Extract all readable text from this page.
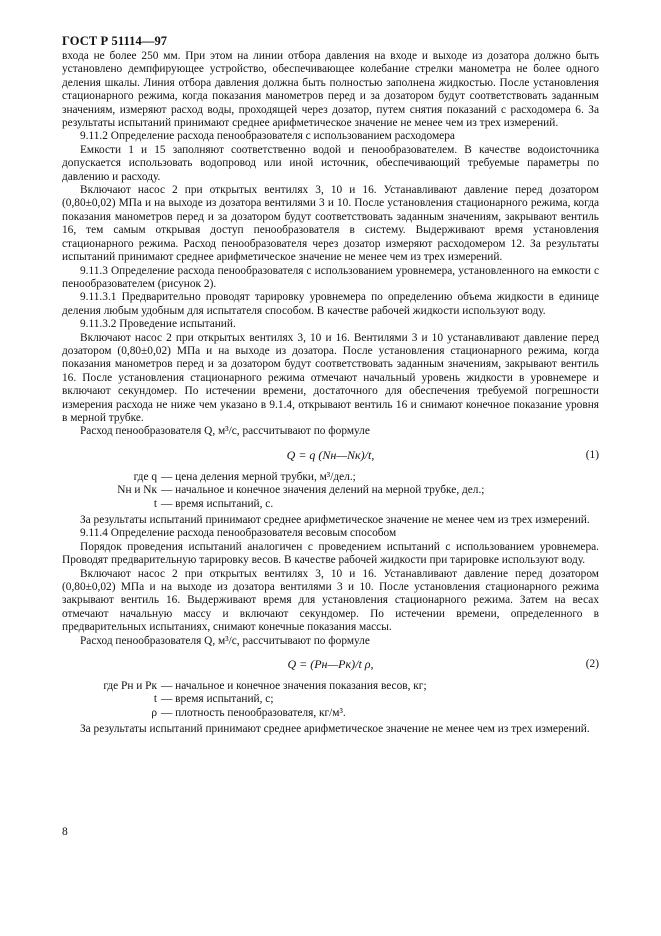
ГОСТ Р 51114—97

входа не более 250 мм. При этом на линии отбора давления на входе и выходе из дозатора должно быть установлено демпфирующее устройство, обеспечивающее колебание стрелки манометра не более одного деления шкалы. Линия отбора давления должна быть полностью заполнена жидкостью. После установления стационарного режима, когда показания манометров перед и за дозатором будут соответствовать заданным значениям, измеряют расход воды, проходящей через дозатор, путем снятия показаний с расходомера 6. За результаты испытаний принимают среднее арифметическое значение не менее чем из трех измерений.

9.11.2 Определение расхода пенообразователя с использованием расходомера

Емкости 1 и 15 заполняют соответственно водой и пенообразователем. В качестве водоисточника допускается использовать водопровод или иной источник, обеспечивающий требуемые параметры по давлению и расходу.

Включают насос 2 при открытых вентилях 3, 10 и 16. Устанавливают давление перед дозатором (0,80±0,02) МПа и на выходе из дозатора вентилями 3 и 10. После установления стационарного режима, когда показания манометров перед и за дозатором будут соответствовать заданным значениям, закрывают вентиль 16, тем самым открывая доступ пенообразователя в систему. Выдерживают время установления стационарного режима. Расход пенообразователя через дозатор измеряют расходомером 12. За результаты испытаний принимают среднее арифметическое значение не менее чем из трех измерений.

9.11.3 Определение расхода пенообразователя с использованием уровнемера, установленного на емкости с пенообразователем (рисунок 2).

9.11.3.1 Предварительно проводят тарировку уровнемера по определению объема жидкости в единице деления любым удобным для испытателя способом. В качестве рабочей жидкости используют воду.

9.11.3.2 Проведение испытаний.

Включают насос 2 при открытых вентилях 3, 10 и 16. Вентилями 3 и 10 устанавливают давление перед дозатором (0,80±0,02) МПа и на выходе из дозатора. После установления стационарного режима, когда показания манометров перед и за дозатором будут соответствовать заданным значениям, закрывают вентиль 16. После установления стационарного режима отмечают начальный уровень жидкости в уровнемере и включают секундомер. По истечении времени, достаточного для обеспечения требуемой погрешности измерения расхода не ниже чем указано в 9.1.4, открывают вентиль 16 и снимают конечное показание уровня в мерной трубке.

Расход пенообразователя Q, м³/с, рассчитывают по формуле

Q = q (Nн—Nк)/t,	(1)
где q — цена деления мерной трубки, м³/дел.;
Nн и Nк — начальное и конечное значения делений на мерной трубке, дел.;
t — время испытаний, с.

За результаты испытаний принимают среднее арифметическое значение не менее чем из трех измерений.

9.11.4 Определение расхода пенообразователя весовым способом

Порядок проведения испытаний аналогичен с проведением испытаний с использованием уровнемера. Проводят предварительную тарировку весов. В качестве рабочей жидкости при тарировке используют воду.

Включают насос 2 при открытых вентилях 3, 10 и 16. Устанавливают давление перед дозатором (0,80±0,02) МПа и на выходе из дозатора вентилями 3 и 10. После установления стационарного режима закрывают вентиль 16. Выдерживают время для установления стационарного режима. Затем на весах отмечают начальную массу и включают секундомер. По истечении времени, определенного в предварительных испытаниях, снимают конечные показания массы.

Расход пенообразователя Q, м³/с, рассчитывают по формуле

Q = (Pн—Pк)/t ρ,	(2)
где Pн и Pк — начальное и конечное значения показания весов, кг;
t — время испытаний, с;
ρ — плотность пенообразователя, кг/м³.

За результаты испытаний принимают среднее арифметическое значение не менее чем из трех измерений.

8
